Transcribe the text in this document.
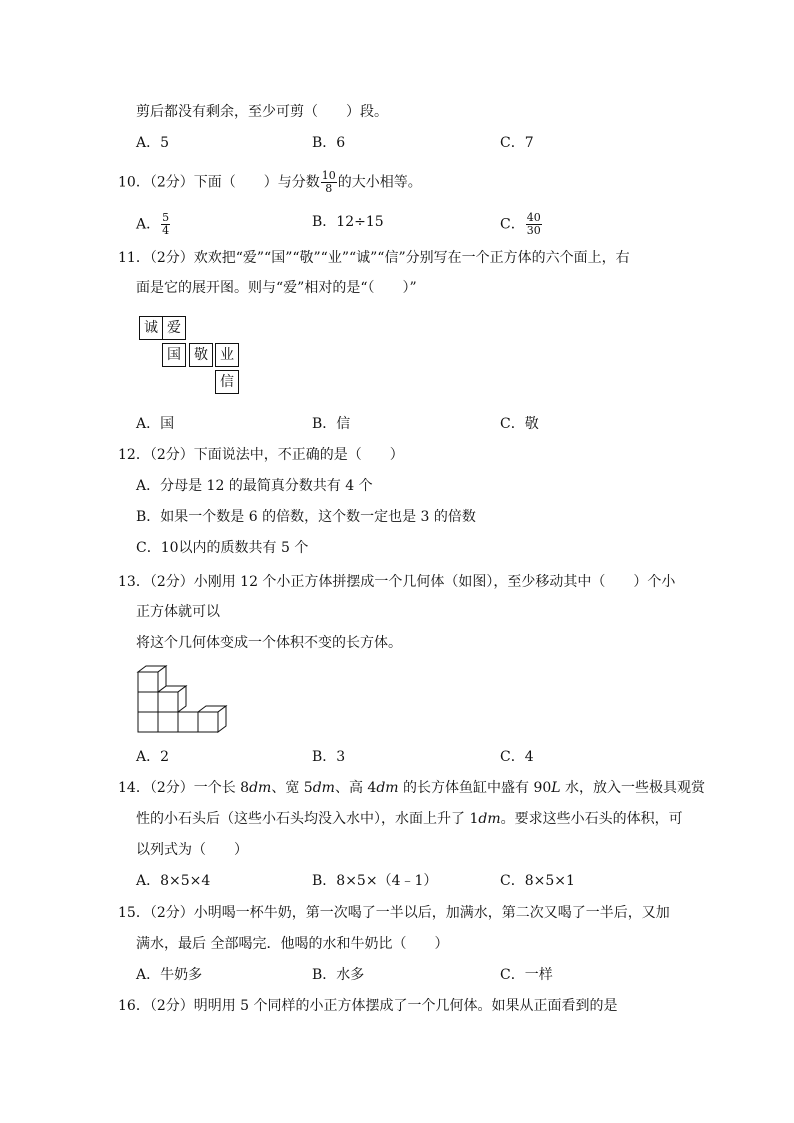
剪后都没有剩余，至少可剪（　　）段。
A．5	B．6	C．7
10．（2分）下面（　　）与分数 $\frac{10}{8}$ 的大小相等。
A． $\frac{5}{4}$	B．12÷15	C． $\frac{40}{30}$
11．（2分）欢欢把“爱”“国”“敬”“业”“诚”“信”分别写在一个正方体的六个面上，右
面是它的展开图。则与“爱”相对的是“（　　）”
诚 爱
国 敬 业
信
A．国	B．信	C．敬
12．（2分）下面说法中，不正确的是（　　）
A．分母是 12 的最简真分数共有 4 个
B．如果一个数是 6 的倍数，这个数一定也是 3 的倍数
C．10以内的质数共有 5 个
13．（2分）小刚用 12 个小正方体拼摆成一个几何体（如图），至少移动其中（　　）个小
正方体就可以
将这个几何体变成一个体积不变的长方体。
A．2	B．3	C．4
14．（2分）一个长 8dm、宽 5dm、高 4dm 的长方体鱼缸中盛有 90L 水，放入一些极具观赏
性的小石头后（这些小石头均没入水中），水面上升了 1dm。要求这些小石头的体积，可
以列式为（　　）
A．8×5×4	B．8×5×（4﹣1）	C．8×5×1
15．（2分）小明喝一杯牛奶，第一次喝了一半以后，加满水，第二次又喝了一半后，又加
满水，最后 全部喝完．他喝的水和牛奶比（　　）
A．牛奶多	B．水多	C．一样
16．（2分）明明用 5 个同样的小正方体摆成了一个几何体。如果从正面看到的是
